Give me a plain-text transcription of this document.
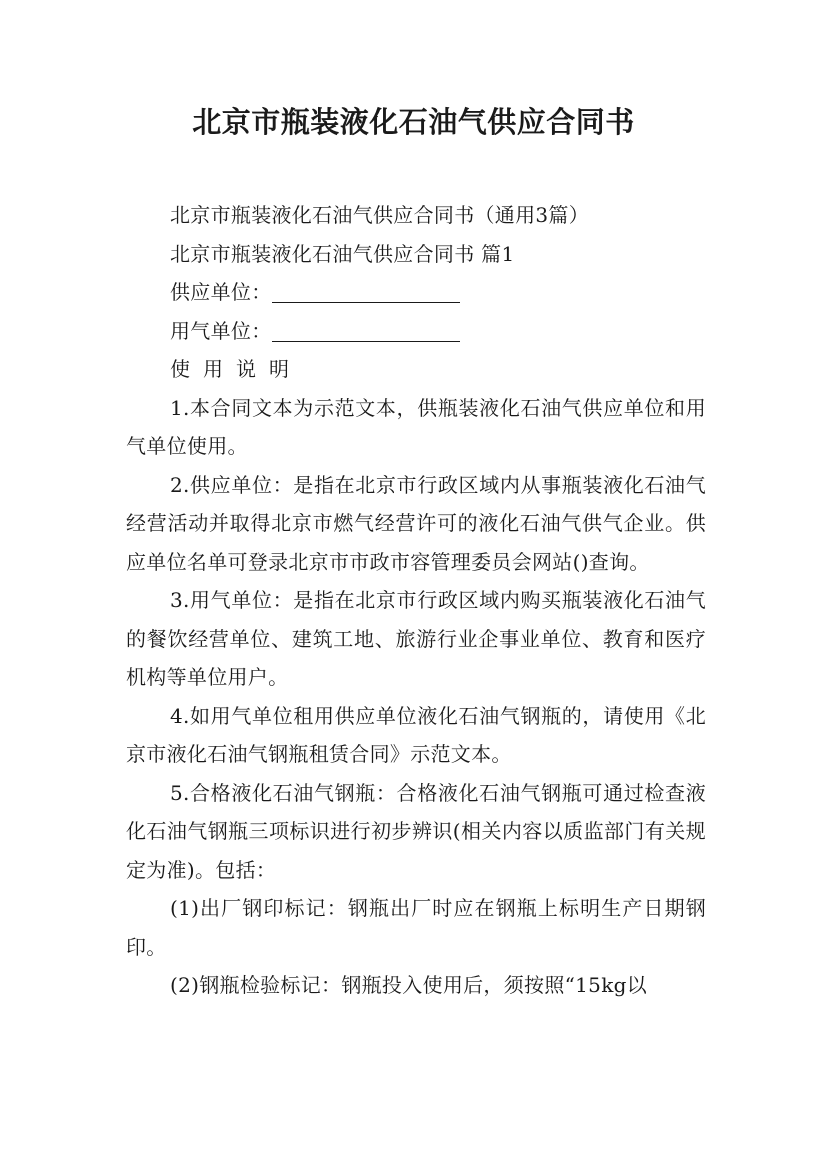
北京市瓶装液化石油气供应合同书

北京市瓶装液化石油气供应合同书（通用3篇）

北京市瓶装液化石油气供应合同书 篇1

供应单位：

用气单位：

使用说明

1.本合同文本为示范文本，供瓶装液化石油气供应单位和用气单位使用。

2.供应单位：是指在北京市行政区域内从事瓶装液化石油气经营活动并取得北京市燃气经营许可的液化石油气供气企业。供应单位名单可登录北京市市政市容管理委员会网站()查询。

3.用气单位：是指在北京市行政区域内购买瓶装液化石油气的餐饮经营单位、建筑工地、旅游行业企事业单位、教育和医疗机构等单位用户。

4.如用气单位租用供应单位液化石油气钢瓶的，请使用《北京市液化石油气钢瓶租赁合同》示范文本。

5.合格液化石油气钢瓶：合格液化石油气钢瓶可通过检查液化石油气钢瓶三项标识进行初步辨识(相关内容以质监部门有关规定为准)。包括：

(1)出厂钢印标记：钢瓶出厂时应在钢瓶上标明生产日期钢印。

(2)钢瓶检验标记：钢瓶投入使用后，须按照“15kg以
